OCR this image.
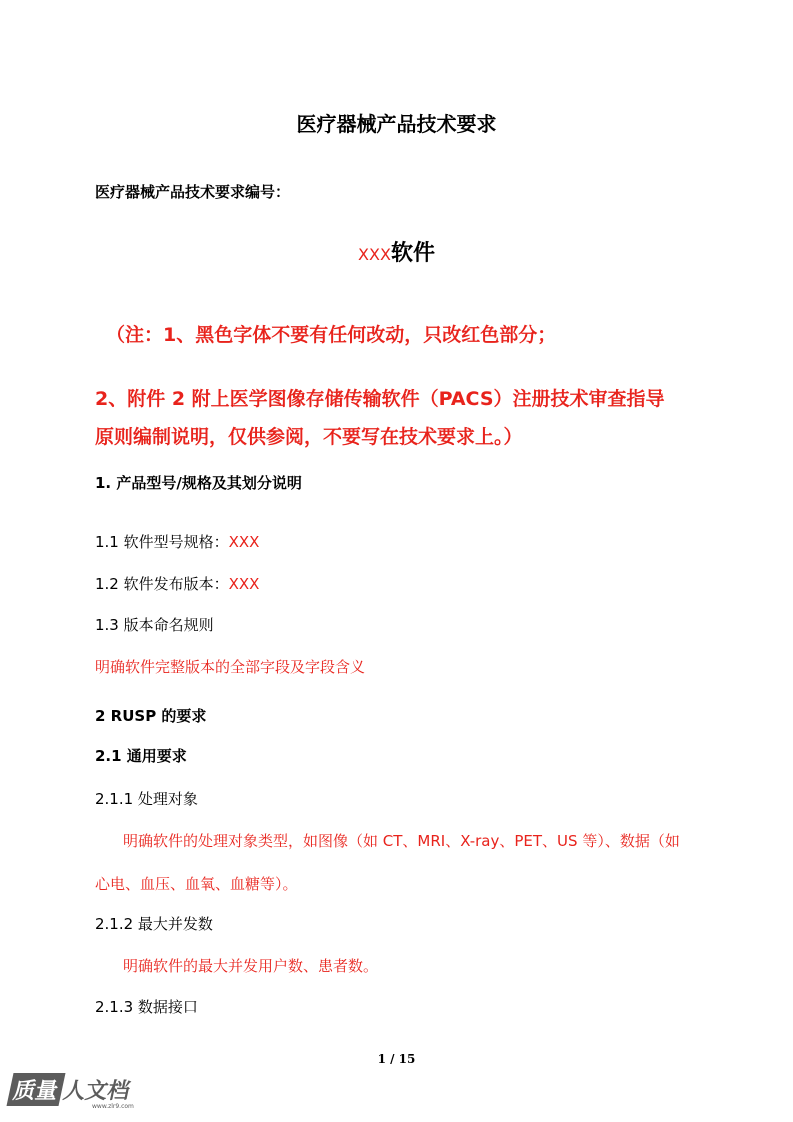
医疗器械产品技术要求
医疗器械产品技术要求编号：
XXX软件
（注：1、黑色字体不要有任何改动，只改红色部分；
2、附件 2 附上医学图像存储传输软件（PACS）注册技术审查指导
原则编制说明，仅供参阅，不要写在技术要求上。）
1. 产品型号/规格及其划分说明
1.1 软件型号规格：XXX
1.2 软件发布版本：XXX
1.3 版本命名规则
明确软件完整版本的全部字段及字段含义
2 RUSP 的要求
2.1 通用要求
2.1.1 处理对象
明确软件的处理对象类型，如图像（如 CT、MRI、X-ray、PET、US 等）、数据（如
心电、血压、血氧、血糖等）。
2.1.2 最大并发数
明确软件的最大并发用户数、患者数。
2.1.3 数据接口
1 / 15
质量人文档
www.zlr9.com
